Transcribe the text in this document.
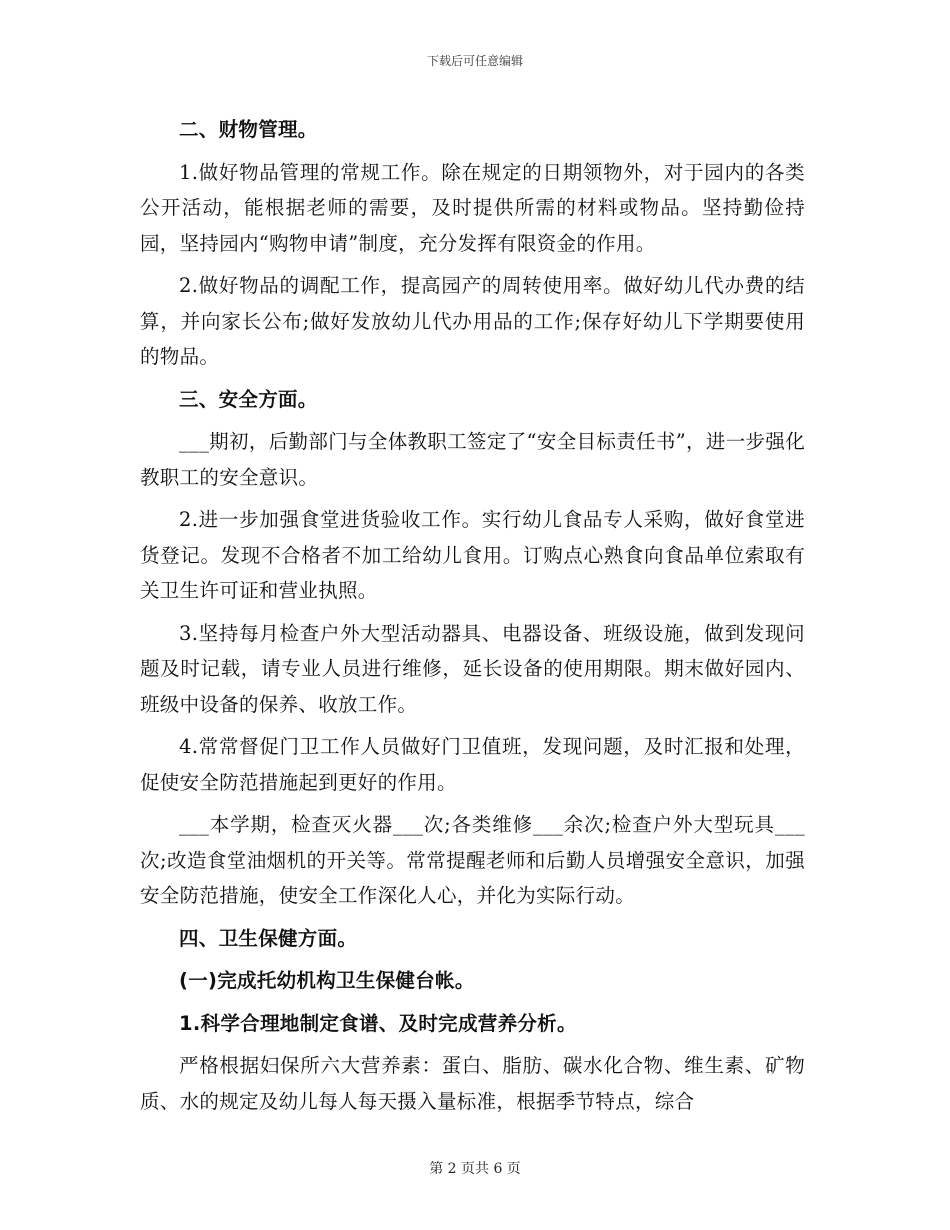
下载后可任意编辑

二、财物管理。

1.做好物品管理的常规工作。除在规定的日期领物外，对于园内的各类公开活动，能根据老师的需要，及时提供所需的材料或物品。坚持勤俭持园，坚持园内“购物申请”制度，充分发挥有限资金的作用。

2.做好物品的调配工作，提高园产的周转使用率。做好幼儿代办费的结算，并向家长公布;做好发放幼儿代办用品的工作;保存好幼儿下学期要使用的物品。

三、安全方面。

___期初，后勤部门与全体教职工签定了“安全目标责任书”，进一步强化教职工的安全意识。

2.进一步加强食堂进货验收工作。实行幼儿食品专人采购，做好食堂进货登记。发现不合格者不加工给幼儿食用。订购点心熟食向食品单位索取有关卫生许可证和营业执照。

3.坚持每月检查户外大型活动器具、电器设备、班级设施，做到发现问题及时记载，请专业人员进行维修，延长设备的使用期限。期末做好园内、班级中设备的保养、收放工作。

4.常常督促门卫工作人员做好门卫值班，发现问题，及时汇报和处理，促使安全防范措施起到更好的作用。

___本学期，检查灭火器___次;各类维修___余次;检查户外大型玩具___次;改造食堂油烟机的开关等。常常提醒老师和后勤人员增强安全意识，加强安全防范措施，使安全工作深化人心，并化为实际行动。

四、卫生保健方面。

(一)完成托幼机构卫生保健台帐。

1.科学合理地制定食谱、及时完成营养分析。

严格根据妇保所六大营养素：蛋白、脂肪、碳水化合物、维生素、矿物质、水的规定及幼儿每人每天摄入量标准，根据季节特点，综合

第 2 页共 6 页
